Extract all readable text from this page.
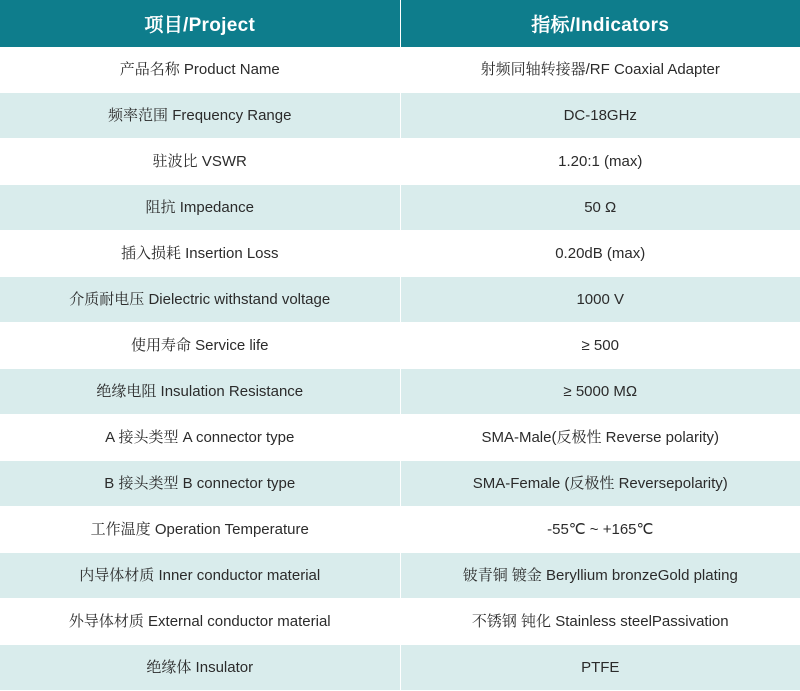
项目/Project	指标/Indicators
产品名称 Product Name	射频同轴转接器/RF Coaxial Adapter
频率范围 Frequency Range	DC-18GHz
驻波比 VSWR	1.20:1 (max)
阻抗 Impedance	50 Ω
插入损耗 Insertion Loss	0.20dB (max)
介质耐电压 Dielectric withstand voltage	1000 V
使用寿命 Service life	≥ 500
绝缘电阻 Insulation Resistance	≥ 5000 MΩ
A 接头类型 A connector type	SMA-Male(反极性 Reverse polarity)
B 接头类型 B connector type	SMA-Female (反极性 Reversepolarity)
工作温度 Operation Temperature	-55℃ ~ +165℃
内导体材质 Inner conductor material	铍青铜 镀金 Beryllium bronzeGold plating
外导体材质 External conductor material	不锈钢 钝化 Stainless steelPassivation
绝缘体 Insulator	PTFE
